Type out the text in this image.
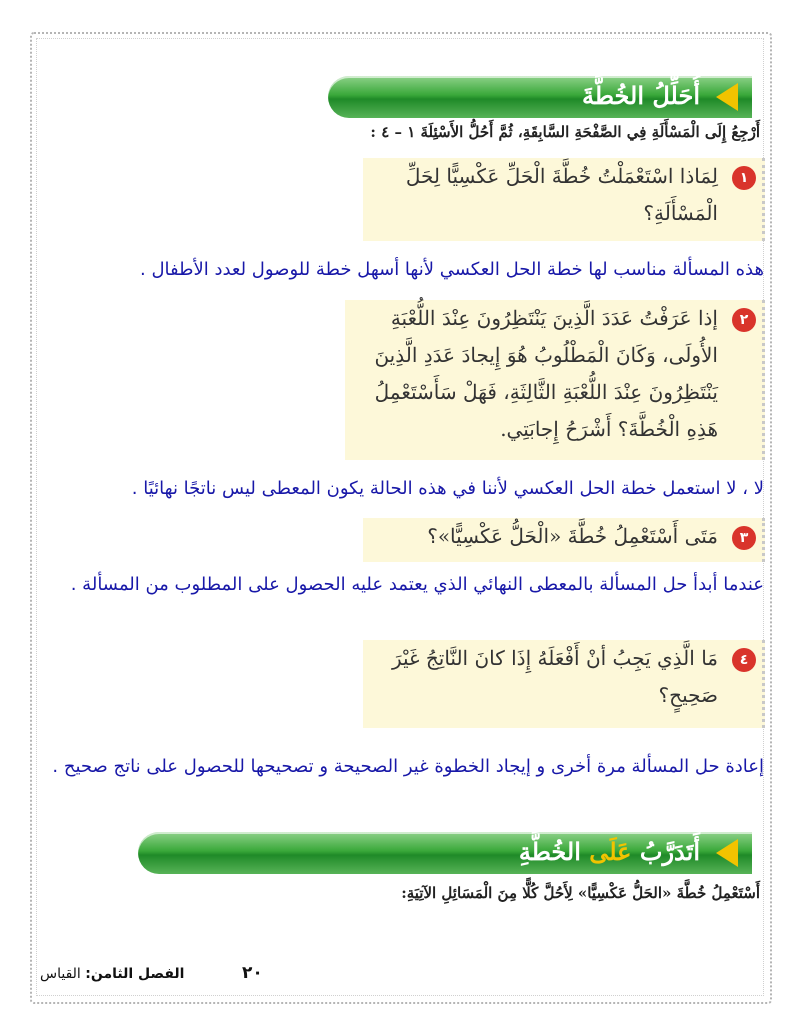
أُحَلِّلُ الخُطَّةَ
أَرْجِعُ إِلَى الْمَسْأَلَةِ فِي الصَّفْحَةِ السَّابِقَةِ، ثُمَّ أَحُلُّ الأَسْئِلَةَ ١ – ٤ :
١
لِمَاذا اسْتَعْمَلْتُ خُطَّةَ الْحَلِّ عَكْسِيًّا لِحَلِّ الْمَسْأَلَةِ؟
هذه المسألة مناسب لها خطة الحل العكسي لأنها أسهل خطة للوصول لعدد الأطفال .
٢
إذا عَرَفْتُ عَدَدَ الَّذِينَ يَنْتَظِرُونَ عِنْدَ اللُّعْبَةِ الأُولَى، وَكَانَ الْمَطْلُوبُ هُوَ إِيجادَ عَدَدِ الَّذِينَ يَنْتَظِرُونَ عِنْدَ اللُّعْبَةِ الثَّالِثَةِ، فَهَلْ سَأَسْتَعْمِلُ هَذِهِ الْخُطَّةَ؟ أَشْرَحُ إِجابَتِي.
لا ، لا استعمل خطة الحل العكسي لأننا في هذه الحالة يكون المعطى ليس ناتجًا نهائيًا .
٣
مَتَى أَسْتَعْمِلُ خُطَّةَ «الْحَلُّ عَكْسِيًّا»؟
عندما أبدأ حل المسألة بالمعطى النهائي الذي يعتمد عليه الحصول على المطلوب من المسألة .
٤
مَا الَّذِي يَجِبُ أنْ أَفْعَلَهُ إِذَا كانَ النَّاتِجُ غَيْرَ صَحِيحٍ؟
إعادة حل المسألة مرة أخرى و إيجاد الخطوة غير الصحيحة و تصحيحها للحصول على ناتج صحيح .
أَتَدَرَّبُ عَلَى الخُطَّةِ
أَسْتَعْمِلُ خُطَّةَ «الحَلُّ عَكْسِيًّا» لِأَحُلَّ كُلًّا مِنَ الْمَسَائِلِ الآتِيَةِ:
٢٠
الفصل الثامن: القياس
